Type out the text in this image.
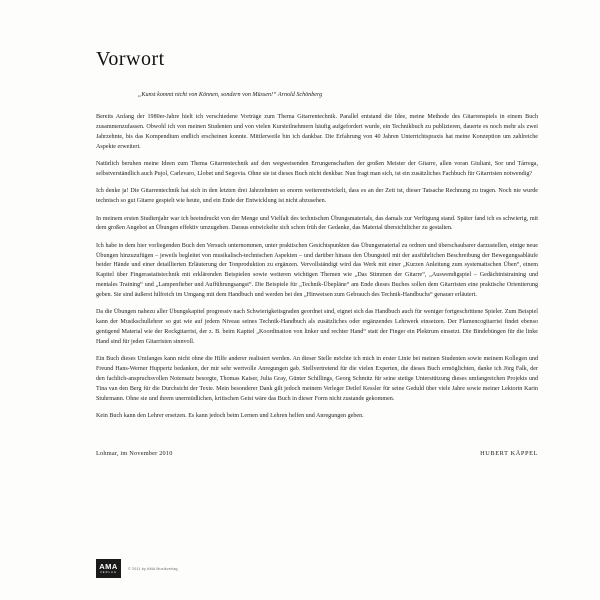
Vorwort

„Kunst kommt nicht von Können, sondern von Müssen!“ Arnold Schönberg

Bereits Anfang der 1980er-Jahre hielt ich verschiedene Vorträge zum Thema Gitarrentechnik. Parallel entstand die Idee, meine Methode des Gitarrenspiels in einem Buch zusammenzufassen. Obwohl ich von meinen Studenten und von vielen Kursteilnehmern häufig aufgefordert wurde, ein Technikbuch zu publizieren, dauerte es noch mehr als zwei Jahrzehnte, bis das Kompendium endlich erscheinen konnte. Mittlerweile bin ich dankbar. Die Erfahrung von 40 Jahren Unterrichtspraxis hat meine Konzeption um zahlreiche Aspekte erweitert.

Natürlich beruhen meine Ideen zum Thema Gitarrentechnik auf den wegweisenden Errungenschaften der großen Meister der Gitarre, allen voran Giuliani, Sor und Tárrega, selbstverständlich auch Pujol, Carlevaro, Llobet und Segovia. Ohne sie ist dieses Buch nicht denkbar. Nun fragt man sich, ist ein zusätzliches Fachbuch für Gitarristen notwendig?

Ich denke ja! Die Gitarrentechnik hat sich in den letzten drei Jahrzehnten so enorm weiterentwickelt, dass es an der Zeit ist, dieser Tatsache Rechnung zu tragen. Noch nie wurde technisch so gut Gitarre gespielt wie heute, und ein Ende der Entwicklung ist nicht abzusehen.

In meinem ersten Studienjahr war ich beeindruckt von der Menge und Vielfalt des technischen Übungsmaterials, das damals zur Verfügung stand. Später fand ich es schwierig, mit dem großen Angebot an Übungen effektiv umzugehen. Daraus entwickelte sich schon früh der Gedanke, das Material übersichtlicher zu gestalten.

Ich habe in dem hier vorliegenden Buch den Versuch unternommen, unter praktischen Gesichtspunkten das Übungsmaterial zu ordnen und überschaubarer darzustellen, einige neue Übungen hinzuzufügen – jeweils begleitet von musikalisch-technischen Aspekten – und darüber hinaus den Übungsteil mit der ausführlichen Beschreibung der Bewegungsabläufe beider Hände und einer detaillierten Erläuterung der Tonproduktion zu ergänzen. Vervollständigt wird das Werk mit einer „Kurzen Anleitung zum systematischen Üben“, einem Kapitel über Fingerastatistechnik mit erklärenden Beispielen sowie weiteren wichtigen Themen wie „Das Stimmen der Gitarre“, „Auswendigspiel – Gedächtnistraining und mentales Training“ und „Lampenfieber und Aufführungsangst“. Die Beispiele für „Technik-Übepläne“ am Ende dieses Buches sollen dem Gitarristen eine praktische Orientierung geben. Sie sind äußerst hilfreich im Umgang mit dem Handbuch und werden bei den „Hinweisen zum Gebrauch des Technik-Handbuchs“ genauer erläutert.

Da die Übungen nahezu aller Übungskapitel progressiv nach Schwierigkeitsgraden geordnet sind, eignet sich das Handbuch auch für weniger fortgeschrittene Spieler. Zum Beispiel kann der Musikschullehrer so gut wie auf jedem Niveau seines Technik-Handbuch als zusätzliches oder ergänzendes Lehrwerk einsetzen. Der Flamencogitarrist findet ebenso genügend Material wie der Rockgitarrist, der z. B. beim Kapitel „Koordination von linker und rechter Hand“ statt der Finger ein Plektrum einsetzt. Die Bindebüngen für die linke Hand sind für jeden Gitarristen sinnvoll.

Ein Buch dieses Umfanges kann nicht ohne die Hilfe anderer realisiert werden. An dieser Stelle möchte ich mich in erster Linie bei meinen Studenten sowie meinem Kollegen und Freund Hans-Werner Huppertz bedanken, der mir sehr wertvolle Anregungen gab. Stellvertretend für die vielen Experten, die dieses Buch ermöglichten, danke ich Jörg Falk, der den fachlich-anspruchsvollen Notensatz besorgte, Thomas Kaiser, Julia Gray, Günter Schillings, Georg Schmitz für seine stetige Unterstützung dieses umfangreichen Projekts und Tina van den Berg für die Durchsicht der Texte. Mein besonderer Dank gilt jedoch meinem Verleger Detlef Kessler für seine Geduld über viele Jahre sowie meiner Lektorin Karin Stuhrmann. Ohne sie und ihrem unermüdlichen, kritischen Geist wäre das Buch in dieser Form nicht zustande gekommen.

Kein Buch kann den Lehrer ersetzen. Es kann jedoch beim Lernen und Lehren helfen und Anregungen geben.

Lohmar, im November 2010	HUBERT KÄPPEL
AMA
VERLAG
© 2011 by AMA Musikverlag
